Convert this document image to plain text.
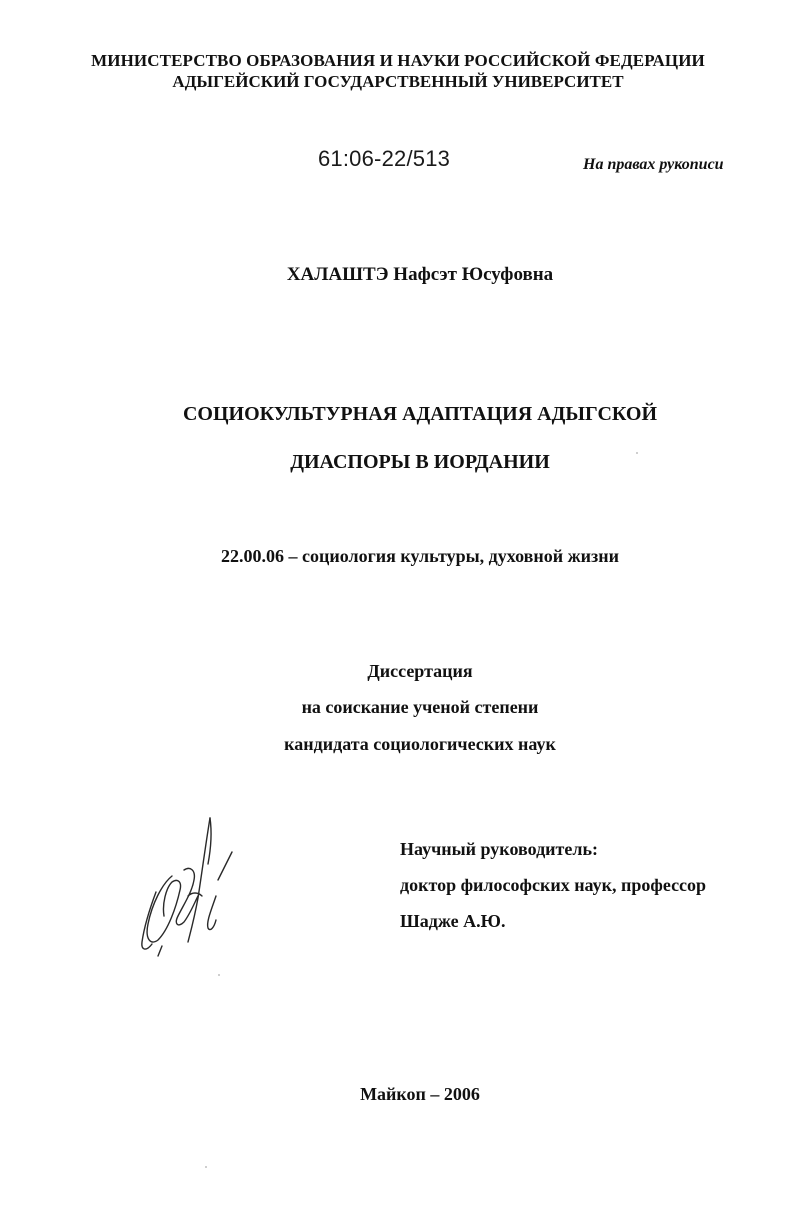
МИНИСТЕРСТВО ОБРАЗОВАНИЯ И НАУКИ РОССИЙСКОЙ ФЕДЕРАЦИИ
АДЫГЕЙСКИЙ ГОСУДАРСТВЕННЫЙ УНИВЕРСИТЕТ
61:06-22/513	На правах рукописи
ХАЛАШТЭ Нафсэт Юсуфовна
СОЦИОКУЛЬТУРНАЯ АДАПТАЦИЯ АДЫГСКОЙ
ДИАСПОРЫ В ИОРДАНИИ
22.00.06 – социология культуры, духовной жизни
Диссертация
на соискание ученой степени
кандидата социологических наук
Научный руководитель:
доктор философских наук, профессор
Шадже А.Ю.
Майкоп – 2006
